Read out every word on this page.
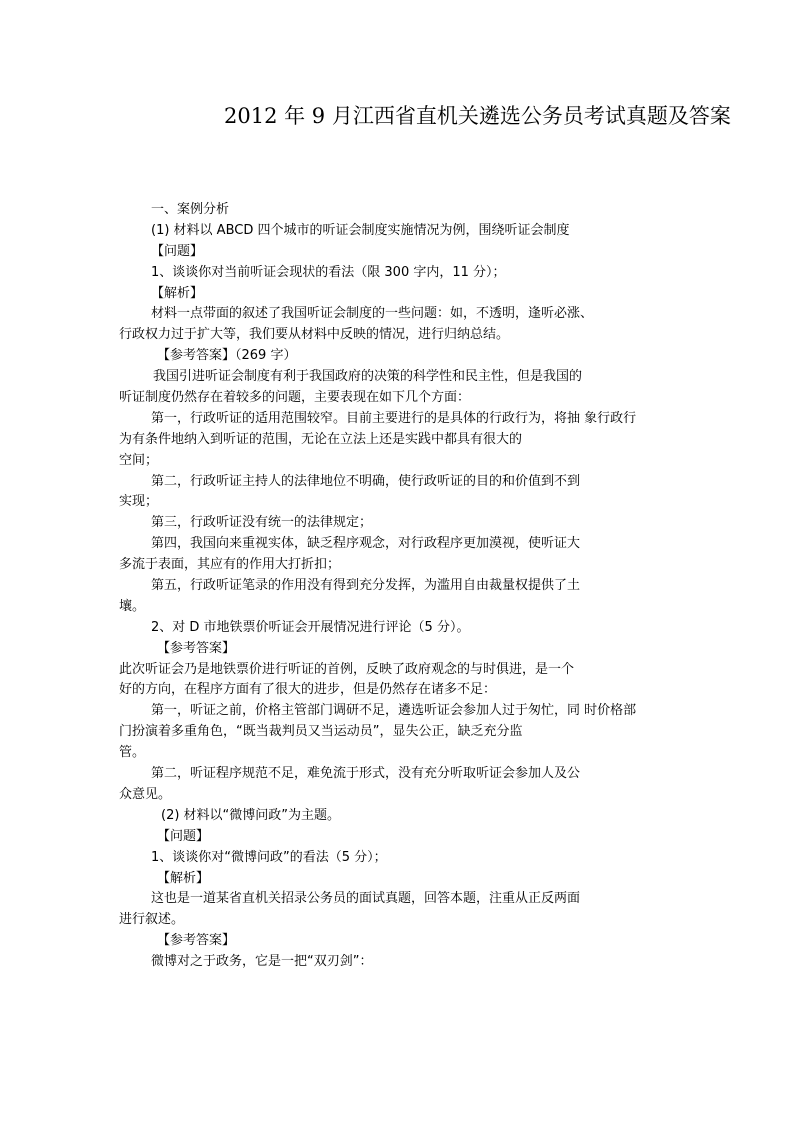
2012 年 9 月江西省直机关遴选公务员考试真题及答案
一、案例分析
(1) 材料以 ABCD 四个城市的听证会制度实施情况为例，围绕听证会制度
【问题】
1、谈谈你对当前听证会现状的看法（限 300 字内，11 分）；
【解析】
材料一点带面的叙述了我国听证会制度的一些问题：如，不透明，逢听必涨、
行政权力过于扩大等，我们要从材料中反映的情况，进行归纳总结。
【参考答案】（269 字）
我国引进听证会制度有利于我国政府的决策的科学性和民主性，但是我国的
听证制度仍然存在着较多的问题，主要表现在如下几个方面：
第一，行政听证的适用范围较窄。目前主要进行的是具体的行政行为，将抽 象行政行
为有条件地纳入到听证的范围，无论在立法上还是实践中都具有很大的
空间；
第二，行政听证主持人的法律地位不明确，使行政听证的目的和价值到不到
实现；
第三，行政听证没有统一的法律规定；
第四，我国向来重视实体，缺乏程序观念，对行政程序更加漠视，使听证大
多流于表面，其应有的作用大打折扣；
第五，行政听证笔录的作用没有得到充分发挥，为滥用自由裁量权提供了土
壤。
2、对 D 市地铁票价听证会开展情况进行评论（5 分）。
【参考答案】
此次听证会乃是地铁票价进行听证的首例，反映了政府观念的与时俱进，是一个
好的方向，在程序方面有了很大的进步，但是仍然存在诸多不足：
第一，听证之前，价格主管部门调研不足，遴选听证会参加人过于匆忙，同 时价格部
门扮演着多重角色，“既当裁判员又当运动员”，显失公正，缺乏充分监
管。
第二，听证程序规范不足，难免流于形式，没有充分听取听证会参加人及公
众意见。
(2) 材料以“微博问政”为主题。
【问题】
1、谈谈你对“微博问政”的看法（5 分）；
【解析】
这也是一道某省直机关招录公务员的面试真题，回答本题，注重从正反两面
进行叙述。
【参考答案】
微博对之于政务，它是一把“双刃剑”：
